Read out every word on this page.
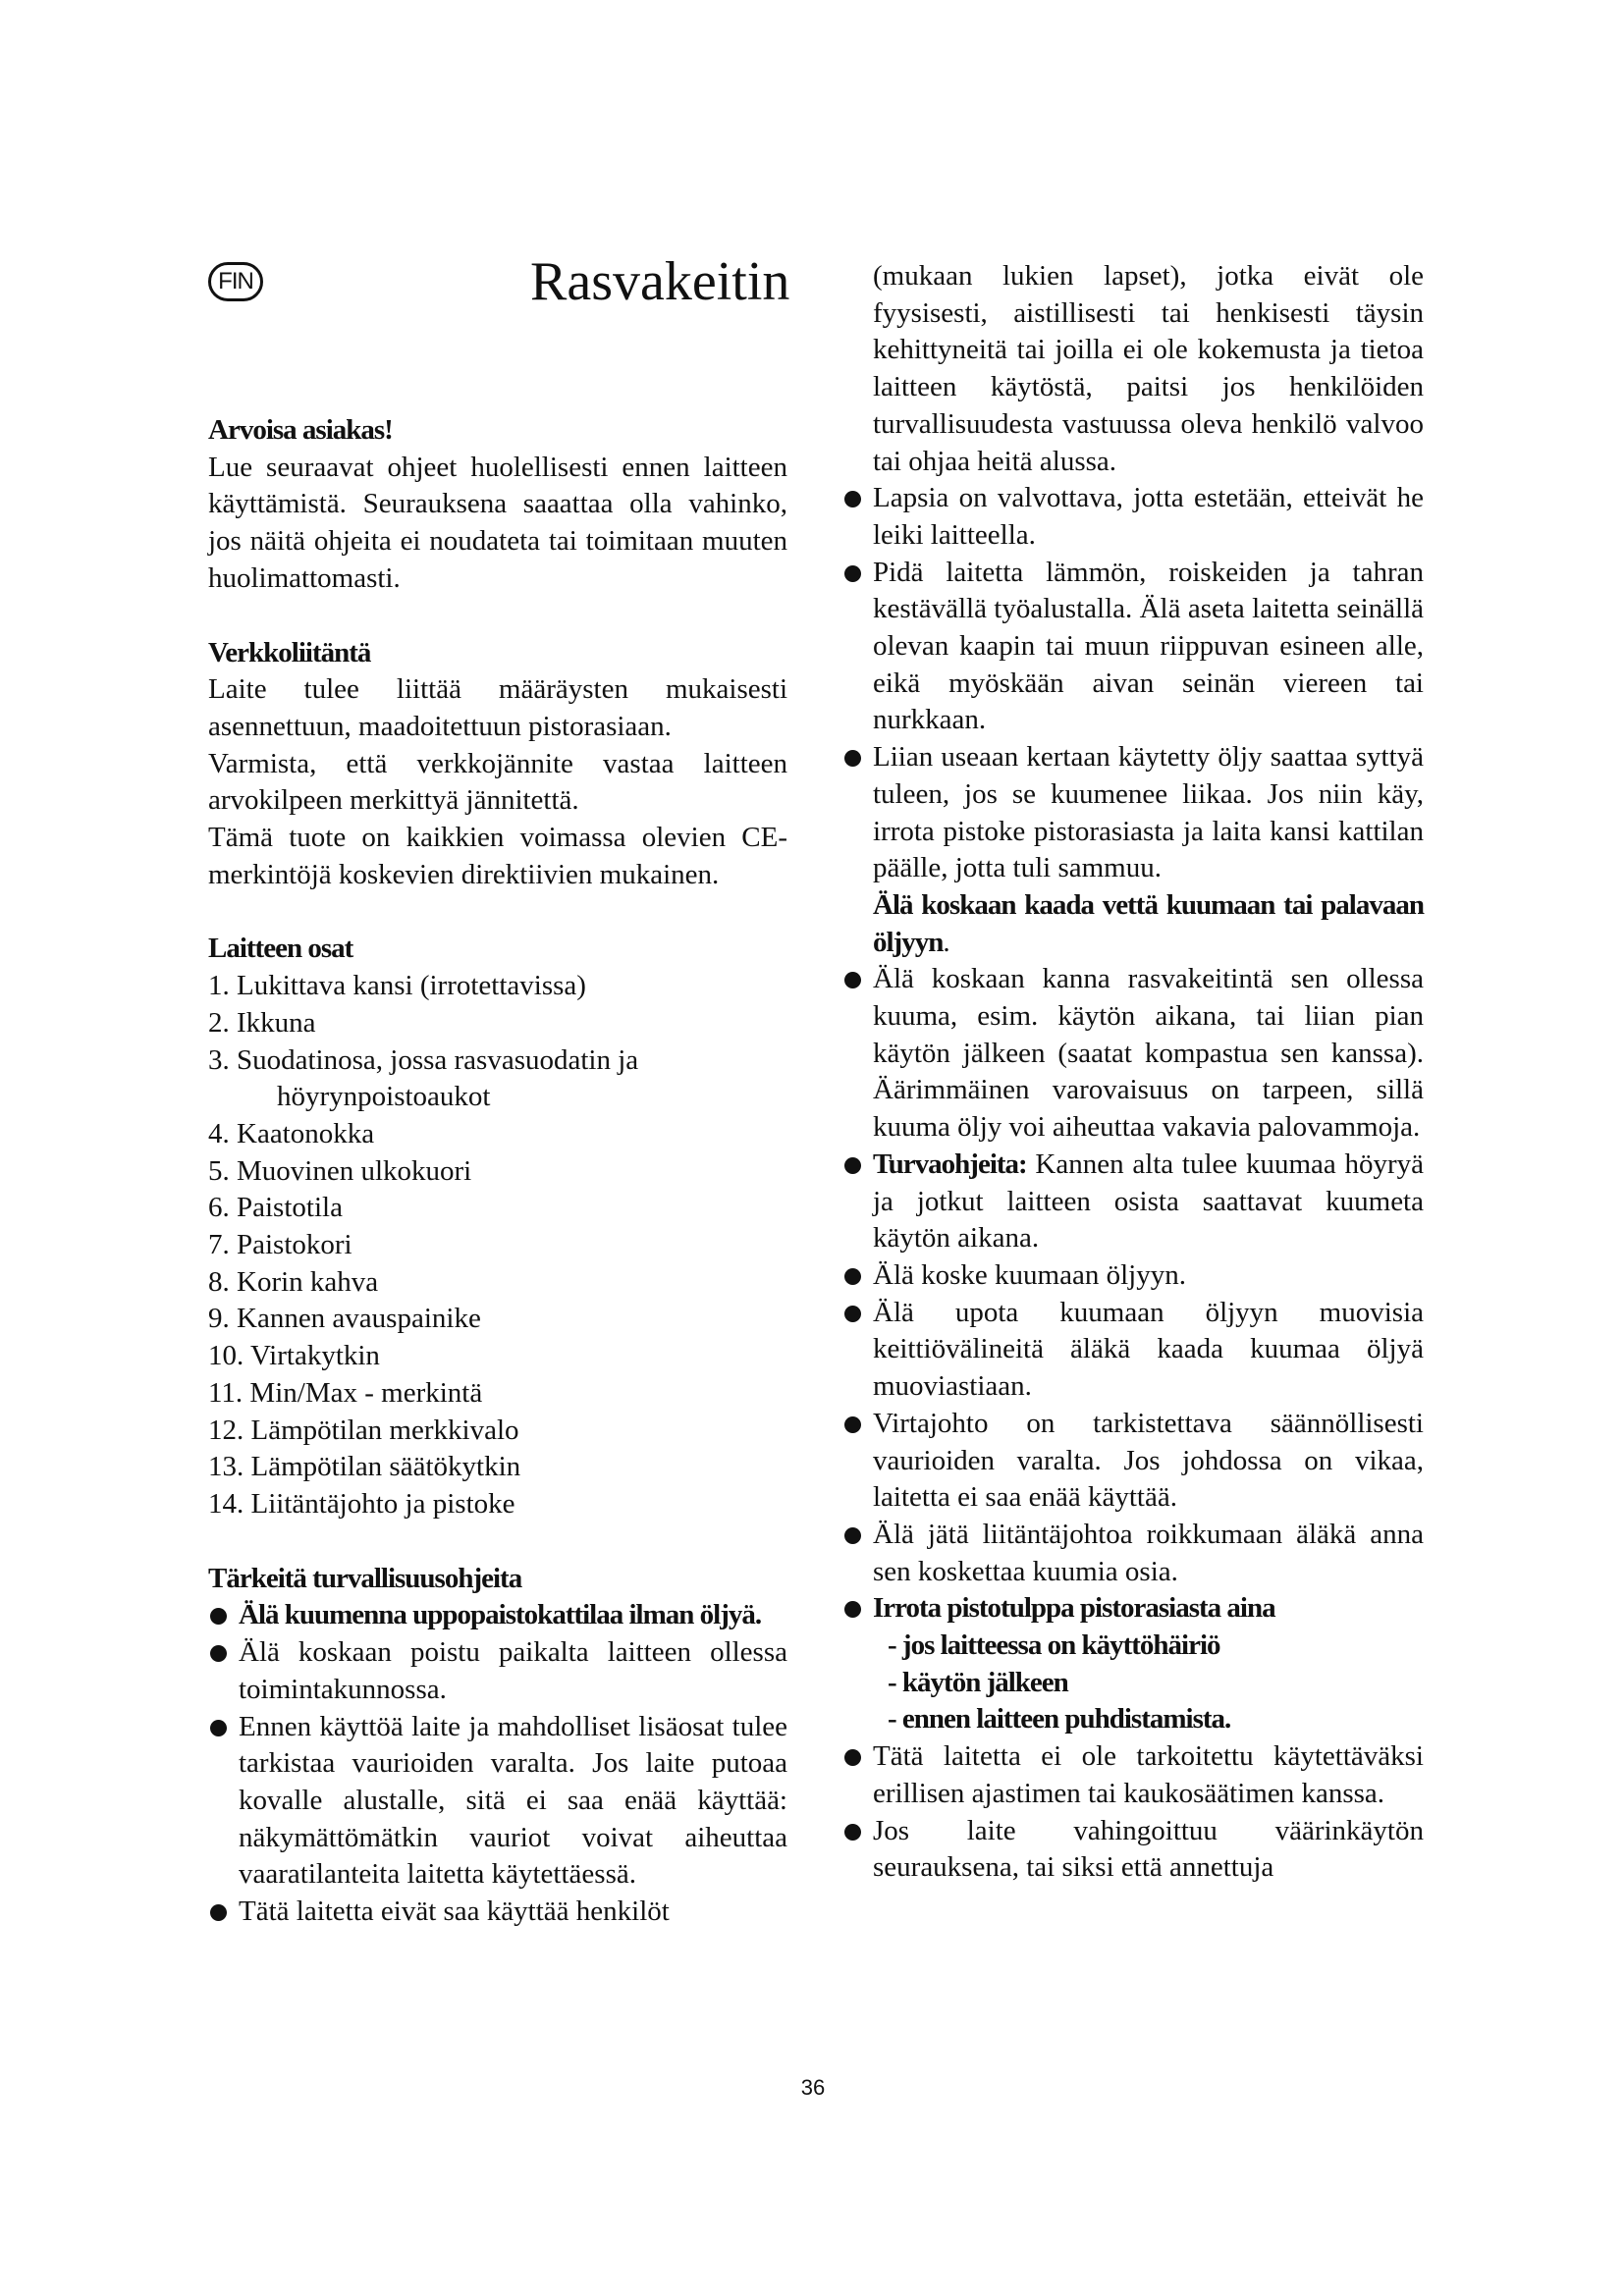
FIN	Rasvakeitin
Arvoisa asiakas!

Lue seuraavat ohjeet huolellisesti ennen laitteen käyttämistä. Seurauksena saaattaa olla vahinko, jos näitä ohjeita ei noudateta tai toimitaan muuten huolimattomasti.

Verkkoliitäntä

Laite tulee liittää määräysten mukaisesti asennettuun, maadoitettuun pistorasiaan.

Varmista, että verkkojännite vastaa laitteen arvokilpeen merkittyä jännitettä.

Tämä tuote on kaikkien voimassa olevien CE-merkintöjä koskevien direktiivien mukainen.

Laitteen osat
1. Lukittava kansi (irrotettavissa)
2. Ikkuna
3. Suodatinosa, jossa rasvasuodatin ja
höyrynpoistoaukot
4. Kaatonokka
5. Muovinen ulkokuori
6. Paistotila
7. Paistokori
8. Korin kahva
9. Kannen avauspainike
10. Virtakytkin
11. Min/Max - merkintä
12. Lämpötilan merkkivalo
13. Lämpötilan säätökytkin
14. Liitäntäjohto ja pistoke
Tärkeitä turvallisuusohjeita
Älä kuumenna uppopaistokattilaa ilman öljyä.
Älä koskaan poistu paikalta laitteen ollessa toimintakunnossa.
Ennen käyttöä laite ja mahdolliset lisäosat tulee tarkistaa vaurioiden varalta. Jos laite putoaa kovalle alustalle, sitä ei saa enää käyttää: näkymättömätkin vauriot voivat aiheuttaa vaaratilanteita laitetta käytettäessä.
Tätä laitetta eivät saa käyttää henkilöt
(mukaan lukien lapset), jotka eivät ole fyysisesti, aistillisesti tai henkisesti täysin kehittyneitä tai joilla ei ole kokemusta ja tietoa laitteen käytöstä, paitsi jos henkilöiden turvallisuudesta vastuussa oleva henkilö valvoo tai ohjaa heitä alussa.
Lapsia on valvottava, jotta estetään, etteivät he leiki laitteella.
Pidä laitetta lämmön, roiskeiden ja tahran kestävällä työalustalla. Älä aseta laitetta seinällä olevan kaapin tai muun riippuvan esineen alle, eikä myöskään aivan seinän viereen tai nurkkaan.
Liian useaan kertaan käytetty öljy saattaa syttyä tuleen, jos se kuumenee liikaa. Jos niin käy, irrota pistoke pistorasiasta ja laita kansi kattilan päälle, jotta tuli sammuu.
Älä koskaan kaada vettä kuumaan tai palavaan öljyyn.
Älä koskaan kanna rasvakeitintä sen ollessa kuuma, esim. käytön aikana, tai liian pian käytön jälkeen (saatat kompastua sen kanssa). Äärimmäinen varovaisuus on tarpeen, sillä kuuma öljy voi aiheuttaa vakavia palovammoja.
Turvaohjeita: Kannen alta tulee kuumaa höyryä ja jotkut laitteen osista saattavat kuumeta käytön aikana.
Älä koske kuumaan öljyyn.
Älä upota kuumaan öljyyn muovisia keittiövälineitä äläkä kaada kuumaa öljyä muoviastiaan.
Virtajohto on tarkistettava säännöllisesti vaurioiden varalta. Jos johdossa on vikaa, laitetta ei saa enää käyttää.
Älä jätä liitäntäjohtoa roikkumaan äläkä anna sen koskettaa kuumia osia.
Irrota pistotulppa pistorasiasta aina
- jos laitteessa on käyttöhäiriö
- käytön jälkeen
- ennen laitteen puhdistamista.
Tätä laitetta ei ole tarkoitettu käytettäväksi erillisen ajastimen tai kaukosäätimen kanssa.
Jos laite vahingoittuu väärinkäytön seurauksena, tai siksi että annettuja
36
